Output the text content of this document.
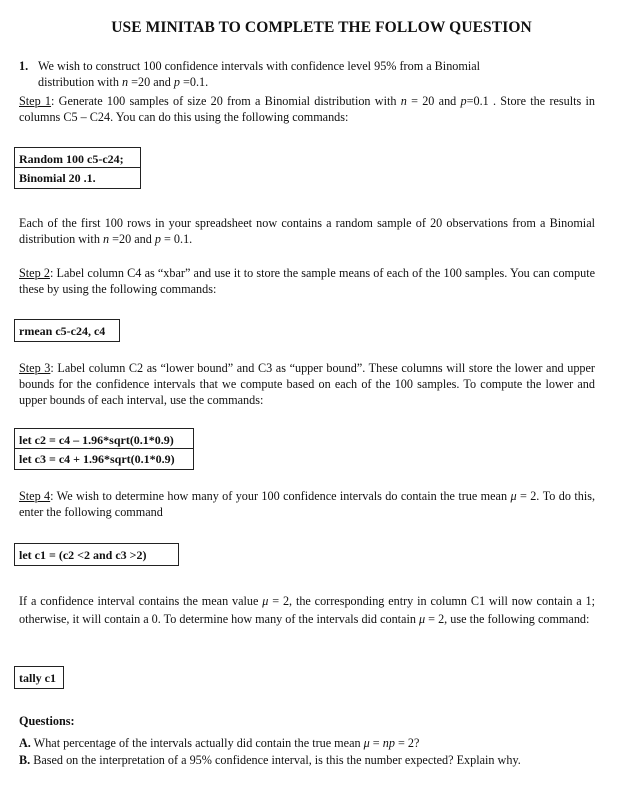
USE MINITAB TO COMPLETE THE FOLLOW QUESTION
1. We wish to construct 100 confidence intervals with confidence level 95% from a Binomial
distribution with n =20 and p =0.1.
Step 1: Generate 100 samples of size 20 from a Binomial distribution with n = 20 and p=0.1 . Store the results in columns C5 – C24. You can do this using the following commands:
Random 100 c5-c24;
Binomial 20 .1.
Each of the first 100 rows in your spreadsheet now contains a random sample of 20 observations from a Binomial distribution with n =20 and p = 0.1.
Step 2: Label column C4 as “xbar” and use it to store the sample means of each of the 100 samples. You can compute these by using the following commands:
rmean c5-c24, c4
Step 3: Label column C2 as “lower bound” and C3 as “upper bound”. These columns will store the lower and upper bounds for the confidence intervals that we compute based on each of the 100 samples. To compute the lower and upper bounds of each interval, use the commands:
let c2 = c4 – 1.96*sqrt(0.1*0.9)
let c3 = c4 + 1.96*sqrt(0.1*0.9)
Step 4: We wish to determine how many of your 100 confidence intervals do contain the true mean μ = 2. To do this, enter the following command
let c1 = (c2 <2 and c3 >2)
If a confidence interval contains the mean value μ = 2, the corresponding entry in column C1 will now contain a 1; otherwise, it will contain a 0. To determine how many of the intervals did contain μ = 2, use the following command:
tally c1
Questions:
A. What percentage of the intervals actually did contain the true mean μ = np = 2?
B. Based on the interpretation of a 95% confidence interval, is this the number expected? Explain why.
